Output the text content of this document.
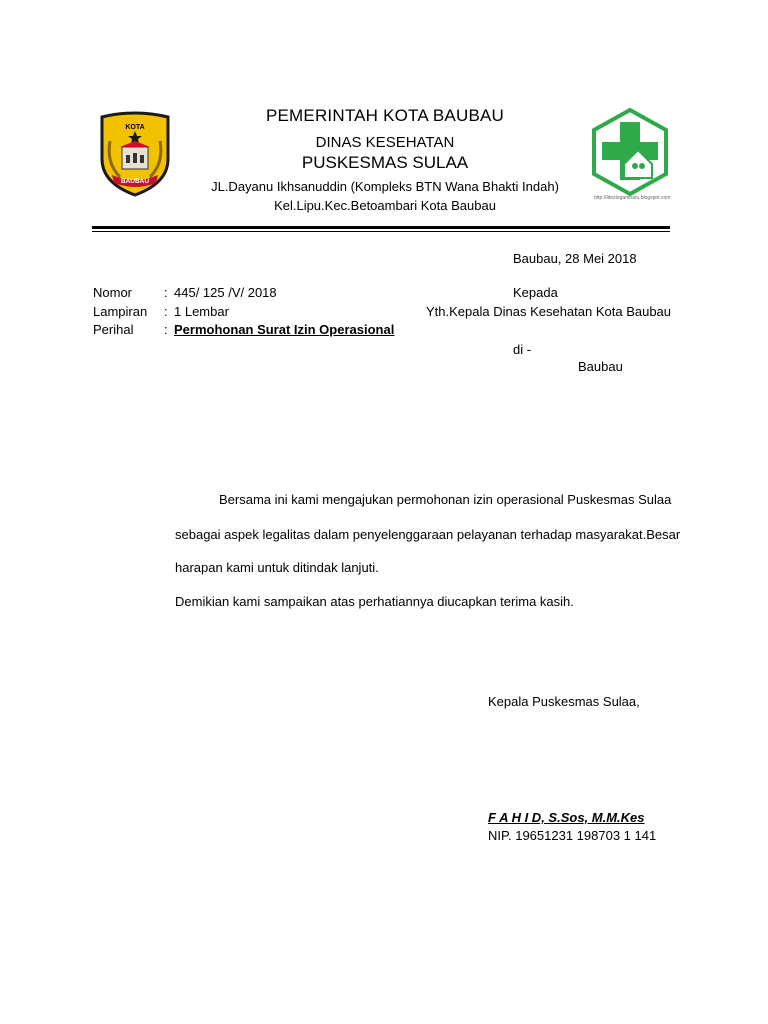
KOTA
BAUBAU
http://idezlogambaru.blogspot.com
PEMERINTAH KOTA BAUBAU
DINAS KESEHATAN
PUSKESMAS SULAA
JL.Dayanu Ikhsanuddin (Kompleks BTN Wana Bhakti Indah)
Kel.Lipu.Kec.Betoambari Kota Baubau
Baubau, 28 Mei 2018
Nomor : 445/ 125 /V/ 2018
Lampiran : 1 Lembar
Perihal : Permohonan Surat Izin Operasional
Kepada
Yth.Kepala Dinas Kesehatan Kota Baubau
di -
Baubau
Bersama ini kami mengajukan permohonan izin operasional Puskesmas Sulaa
sebagai aspek legalitas dalam penyelenggaraan pelayanan terhadap masyarakat.Besar
harapan kami untuk ditindak lanjuti.
Demikian kami sampaikan atas perhatiannya diucapkan terima kasih.
Kepala Puskesmas Sulaa,
F A H I D, S.Sos, M.M.Kes
NIP. 19651231 198703 1 141
